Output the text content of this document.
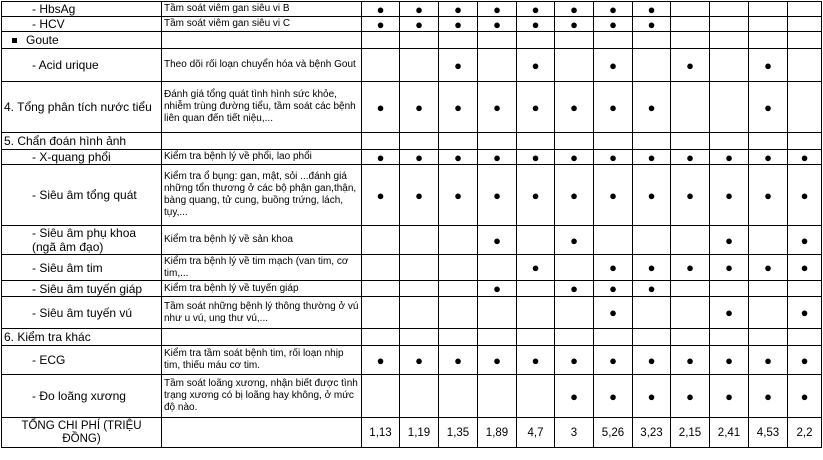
- HbsAg	Tầm soát viêm gan siêu vi B	●	●	●	●	●	●	●	●				
- HCV	Tầm soát viêm gan siêu vi C	●	●	●	●	●	●	●	●				
Goute													
- Acid urique	Theo dõi rối loạn chuyển hóa và bệnh Gout			●		●		●		●		●	
4. Tổng phân tích nước tiểu	Đánh giá tổng quát tình hình sức khỏe, nhiễm trùng đường tiểu, tầm soát các bệnh liên quan đến tiết niệu,...	●	●	●	●	●	●	●	●			●	
5. Chẩn đoán hình ảnh													
- X-quang phổi	Kiểm tra bệnh lý về phổi, lao phổi	●	●	●	●	●	●	●	●	●	●	●	●
- Siêu âm tổng quát	Kiểm tra ổ bụng: gan, mật, sỏi ...đánh giá những tổn thương ở các bộ phận gan,thận, bàng quang, tử cung, buồng trứng, lách, tụy,...	●	●	●	●	●	●	●	●	●	●	●	●
- Siêu âm phụ khoa (ngã âm đạo)	Kiểm tra bệnh lý về sản khoa				●		●				●		●
- Siêu âm tim	Kiểm tra bệnh lý về tim mạch (van tim, cơ tim,...					●		●	●	●	●	●	●
- Siêu âm tuyến giáp	Kiểm tra bệnh lý về tuyến giáp				●		●	●	●				
- Siêu âm tuyến vú	Tầm soát những bệnh lý thông thường ở vú như u vú, ung thư vú,...							●			●		●
6. Kiểm tra khác													
- ECG	Kiểm tra tầm soát bệnh tim, rối loạn nhịp tim, thiếu máu cơ tim.	●	●	●	●	●	●	●	●	●	●	●	●
- Đo loãng xương	Tầm soát loãng xương, nhận biết được tình trạng xương có bị loãng hay không, ở mức độ nào.						●	●	●	●	●	●	●
TỔNG CHI PHÍ (TRIỆU ĐỒNG)		1,13	1,19	1,35	1,89	4,7	3	5,26	3,23	2,15	2,41	4,53	2,2
